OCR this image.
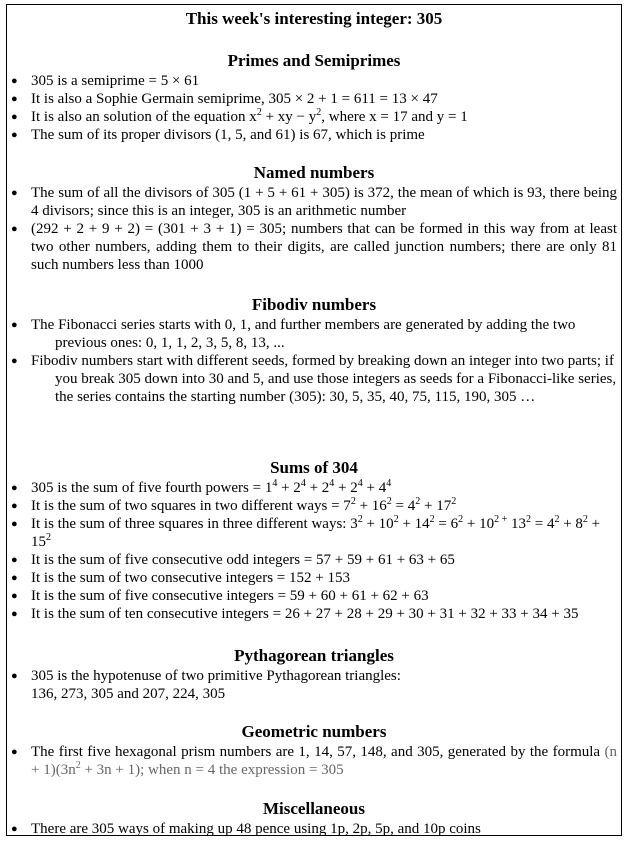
This week's interesting integer: 305
Primes and Semiprimes
● 305 is a semiprime = 5 × 61
● It is also a Sophie Germain semiprime, 305 × 2 + 1 = 611 = 13 × 47
● It is also an solution of the equation $x^2$ + xy − $y^2$, where x = 17 and y = 1
● The sum of its proper divisors (1, 5, and 61) is 67, which is prime
Named numbers
● The sum of all the divisors of 305 (1 + 5 + 61 + 305) is 372, the mean of which is 93, there being 4 divisors; since this is an integer, 305 is an arithmetic number
● (292 + 2 + 9 + 2) = (301 + 3 + 1) = 305; numbers that can be formed in this way from at least two other numbers, adding them to their digits, are called junction numbers; there are only 81 such numbers less than 1000
Fibodiv numbers
● The Fibonacci series starts with 0, 1, and further members are generated by adding the two previous ones: 0, 1, 1, 2, 3, 5, 8, 13, ...
● Fibodiv numbers start with different seeds, formed by breaking down an integer into two parts; if you break 305 down into 30 and 5, and use those integers as seeds for a Fibonacci-like series, the series contains the starting number (305): 30, 5, 35, 40, 75, 115, 190, 305 …
Sums of 304
● 305 is the sum of five fourth powers = $1^4 + 2^4 + 2^4 + 2^4 + 4^4$
● It is the sum of two squares in two different ways = $7^2 + 16^2 = 4^2 + 17^2$
● It is the sum of three squares in three different ways: $3^2 + 10^2 + 14^2 = 6^2 + 10^{2 +}$ $13^2 = 4^2 + 8^2 + 15^2$
● It is the sum of five consecutive odd integers = 57 + 59 + 61 + 63 + 65
● It is the sum of two consecutive integers = 152 + 153
● It is the sum of five consecutive integers = 59 + 60 + 61 + 62 + 63
● It is the sum of ten consecutive integers = 26 + 27 + 28 + 29 + 30 + 31 + 32 + 33 + 34 + 35
Pythagorean triangles
● 305 is the hypotenuse of two primitive Pythagorean triangles:
136, 273, 305 and 207, 224, 305
Geometric numbers
● The first five hexagonal prism numbers are 1, 14, 57, 148, and 305, generated by the formula $(n + 1)(3n^2 + 3n + 1)$; when n = 4 the expression = 305
Miscellaneous
● There are 305 ways of making up 48 pence using 1p, 2p, 5p, and 10p coins
